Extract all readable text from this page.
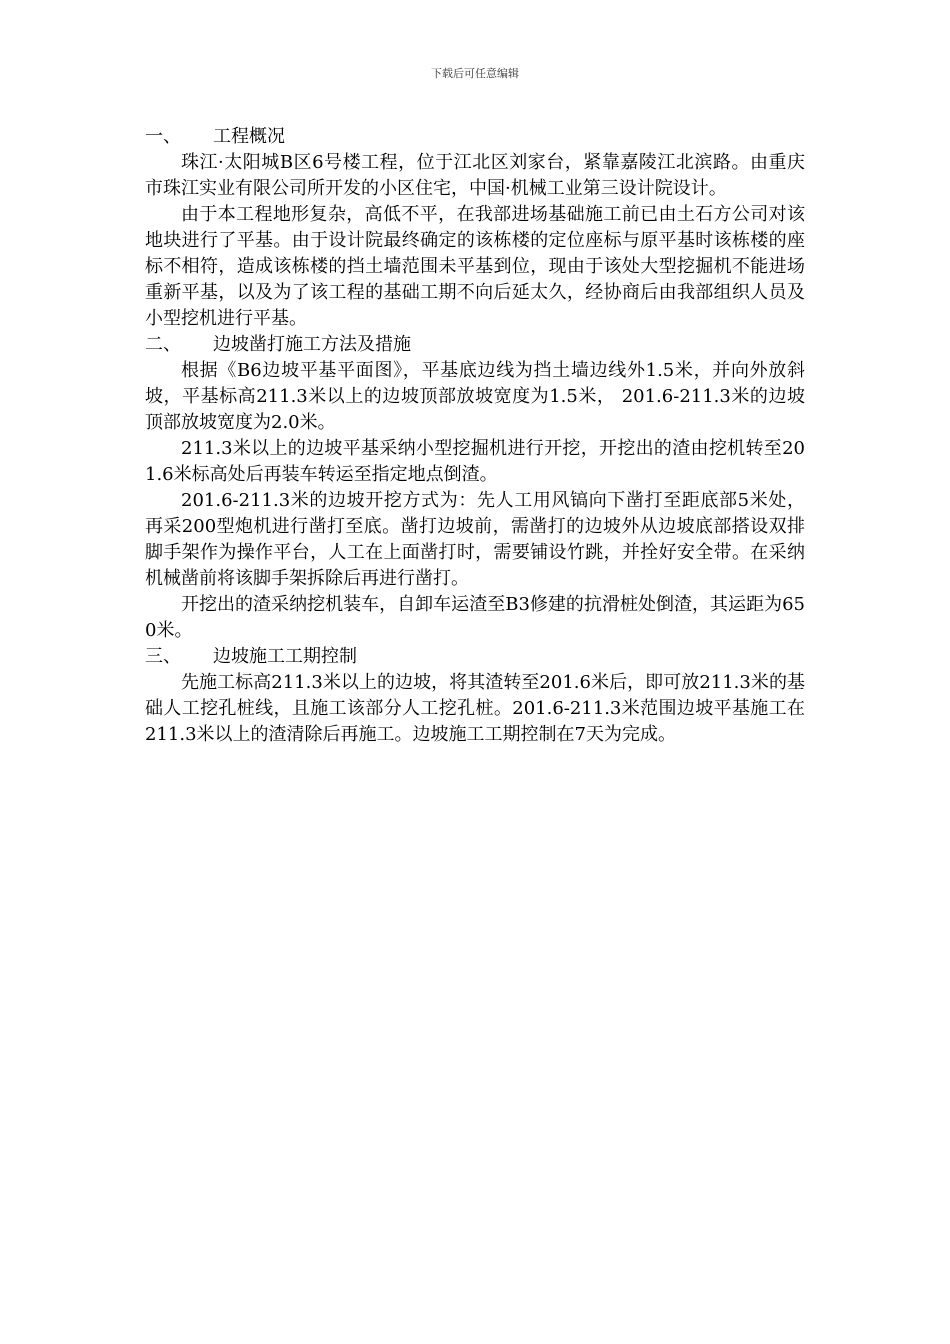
下载后可任意编辑
一、	工程概况

珠江·太阳城B区6号楼工程，位于江北区刘家台，紧靠嘉陵江北滨路。由重庆市珠江实业有限公司所开发的小区住宅，中国·机械工业第三设计院设计。

由于本工程地形复杂，高低不平，在我部进场基础施工前已由土石方公司对该地块进行了平基。由于设计院最终确定的该栋楼的定位座标与原平基时该栋楼的座标不相符，造成该栋楼的挡土墙范围未平基到位，现由于该处大型挖掘机不能进场重新平基，以及为了该工程的基础工期不向后延太久，经协商后由我部组织人员及小型挖机进行平基。

二、	边坡凿打施工方法及措施

根据《B6边坡平基平面图》，平基底边线为挡土墙边线外1.5米，并向外放斜坡，平基标高211.3米以上的边坡顶部放坡宽度为1.5米， 201.6-211.3米的边坡顶部放坡宽度为2.0米。

211.3米以上的边坡平基采纳小型挖掘机进行开挖，开挖出的渣由挖机转至201.6米标高处后再装车转运至指定地点倒渣。

201.6-211.3米的边坡开挖方式为：先人工用风镐向下凿打至距底部5米处，再采200型炮机进行凿打至底。凿打边坡前，需凿打的边坡外从边坡底部搭设双排脚手架作为操作平台，人工在上面凿打时，需要铺设竹跳，并拴好安全带。在采纳机械凿前将该脚手架拆除后再进行凿打。

开挖出的渣采纳挖机装车，自卸车运渣至B3修建的抗滑桩处倒渣，其运距为650米。

三、	边坡施工工期控制

先施工标高211.3米以上的边坡，将其渣转至201.6米后，即可放211.3米的基础人工挖孔桩线，且施工该部分人工挖孔桩。201.6-211.3米范围边坡平基施工在211.3米以上的渣清除后再施工。边坡施工工期控制在7天为完成。
